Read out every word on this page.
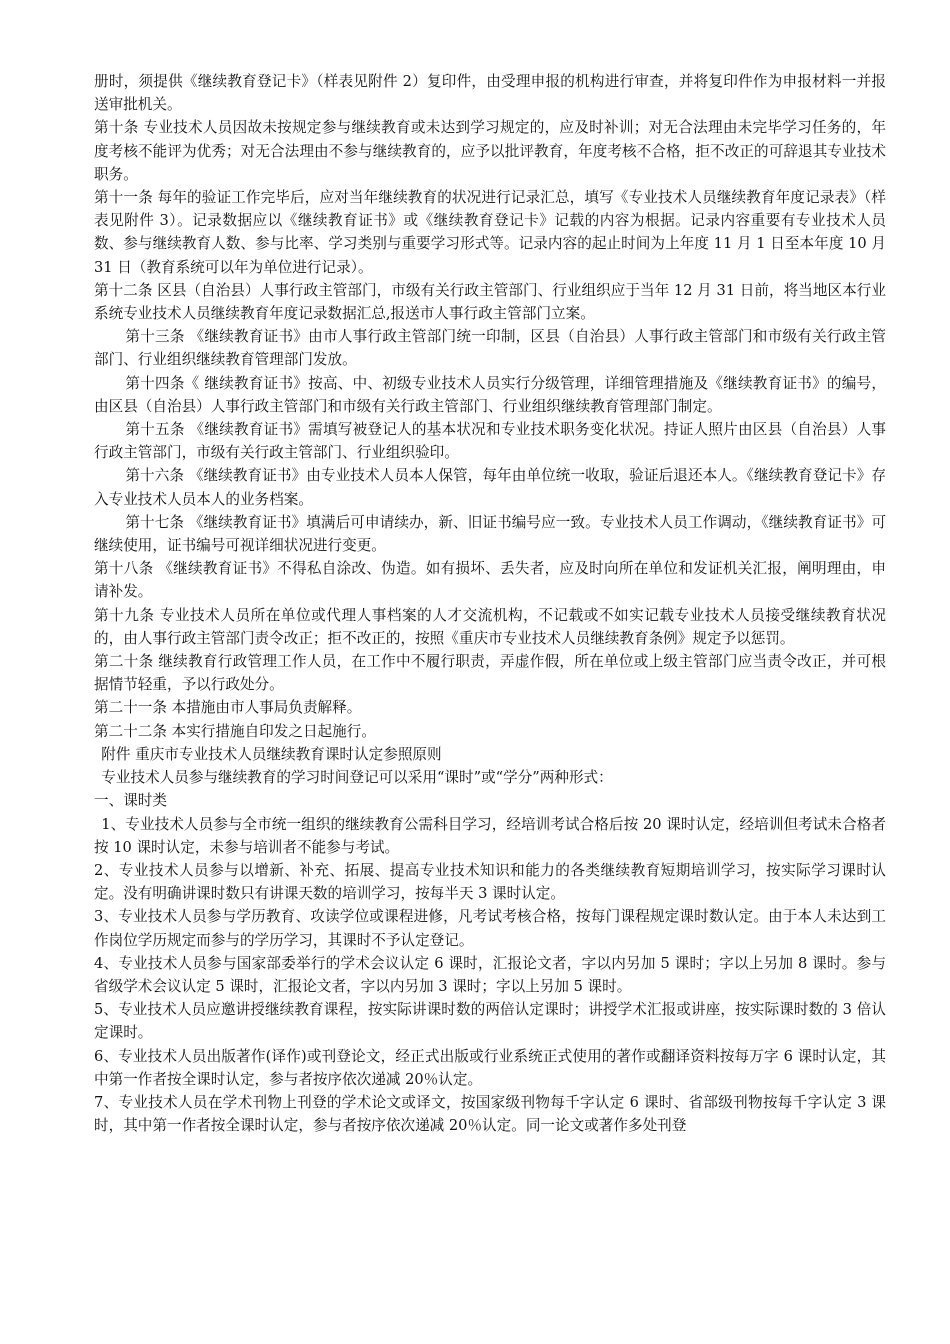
册时，须提供《继续教育登记卡》（样表见附件 2）复印件，由受理申报的机构进行审查，并将复印件作为申报材料一并报送审批机关。

第十条 专业技术人员因故未按规定参与继续教育或未达到学习规定的，应及时补训；对无合法理由未完毕学习任务的，年度考核不能评为优秀；对无合法理由不参与继续教育的，应予以批评教育，年度考核不合格，拒不改正的可辞退其专业技术职务。

第十一条 每年的验证工作完毕后，应对当年继续教育的状况进行记录汇总，填写《专业技术人员继续教育年度记录表》（样表见附件 3）。记录数据应以《继续教育证书》或《继续教育登记卡》记载的内容为根据。记录内容重要有专业技术人员数、参与继续教育人数、参与比率、学习类别与重要学习形式等。记录内容的起止时间为上年度 11 月 1 日至本年度 10 月 31 日（教育系统可以年为单位进行记录）。

第十二条 区县（自治县）人事行政主管部门，市级有关行政主管部门、行业组织应于当年 12 月 31 日前，将当地区本行业系统专业技术人员继续教育年度记录数据汇总,报送市人事行政主管部门立案。

第十三条 《继续教育证书》由市人事行政主管部门统一印制，区县（自治县）人事行政主管部门和市级有关行政主管部门、行业组织继续教育管理部门发放。

第十四条《 继续教育证书》按高、中、初级专业技术人员实行分级管理，详细管理措施及《继续教育证书》的编号，由区县（自治县）人事行政主管部门和市级有关行政主管部门、行业组织继续教育管理部门制定。

第十五条 《继续教育证书》需填写被登记人的基本状况和专业技术职务变化状况。持证人照片由区县（自治县）人事行政主管部门，市级有关行政主管部门、行业组织验印。

第十六条 《继续教育证书》由专业技术人员本人保管，每年由单位统一收取，验证后退还本人。《继续教育登记卡》存入专业技术人员本人的业务档案。

第十七条 《继续教育证书》填满后可申请续办，新、旧证书编号应一致。专业技术人员工作调动，《继续教育证书》可继续使用，证书编号可视详细状况进行变更。

第十八条 《继续教育证书》不得私自涂改、伪造。如有损坏、丢失者，应及时向所在单位和发证机关汇报，阐明理由，申请补发。

第十九条 专业技术人员所在单位或代理人事档案的人才交流机构，不记载或不如实记载专业技术人员接受继续教育状况的，由人事行政主管部门责令改正；拒不改正的，按照《重庆市专业技术人员继续教育条例》规定予以惩罚。

第二十条 继续教育行政管理工作人员，在工作中不履行职责，弄虚作假，所在单位或上级主管部门应当责令改正，并可根据情节轻重，予以行政处分。

第二十一条 本措施由市人事局负责解释。

第二十二条 本实行措施自印发之日起施行。

附件 重庆市专业技术人员继续教育课时认定参照原则

专业技术人员参与继续教育的学习时间登记可以采用“课时”或“学分”两种形式：

一、课时类

1、专业技术人员参与全市统一组织的继续教育公需科目学习，经培训考试合格后按 20 课时认定，经培训但考试未合格者按 10 课时认定，未参与培训者不能参与考试。

2、专业技术人员参与以增新、补充、拓展、提高专业技术知识和能力的各类继续教育短期培训学习，按实际学习课时认定。没有明确讲课时数只有讲课天数的培训学习，按每半天 3 课时认定。

3、专业技术人员参与学历教育、攻读学位或课程进修，凡考试考核合格，按每门课程规定课时数认定。由于本人未达到工作岗位学历规定而参与的学历学习，其课时不予认定登记。

4、专业技术人员参与国家部委举行的学术会议认定 6 课时，汇报论文者，字以内另加 5 课时；字以上另加 8 课时。参与省级学术会议认定 5 课时，汇报论文者，字以内另加 3 课时；字以上另加 5 课时。

5、专业技术人员应邀讲授继续教育课程，按实际讲课时数的两倍认定课时；讲授学术汇报或讲座，按实际课时数的 3 倍认定课时。

6、专业技术人员出版著作(译作)或刊登论文，经正式出版或行业系统正式使用的著作或翻译资料按每万字 6 课时认定，其中第一作者按全课时认定，参与者按序依次递减 20％认定。

7、专业技术人员在学术刊物上刊登的学术论文或译文，按国家级刊物每千字认定 6 课时、省部级刊物按每千字认定 3 课时，其中第一作者按全课时认定，参与者按序依次递减 20％认定。同一论文或著作多处刊登
